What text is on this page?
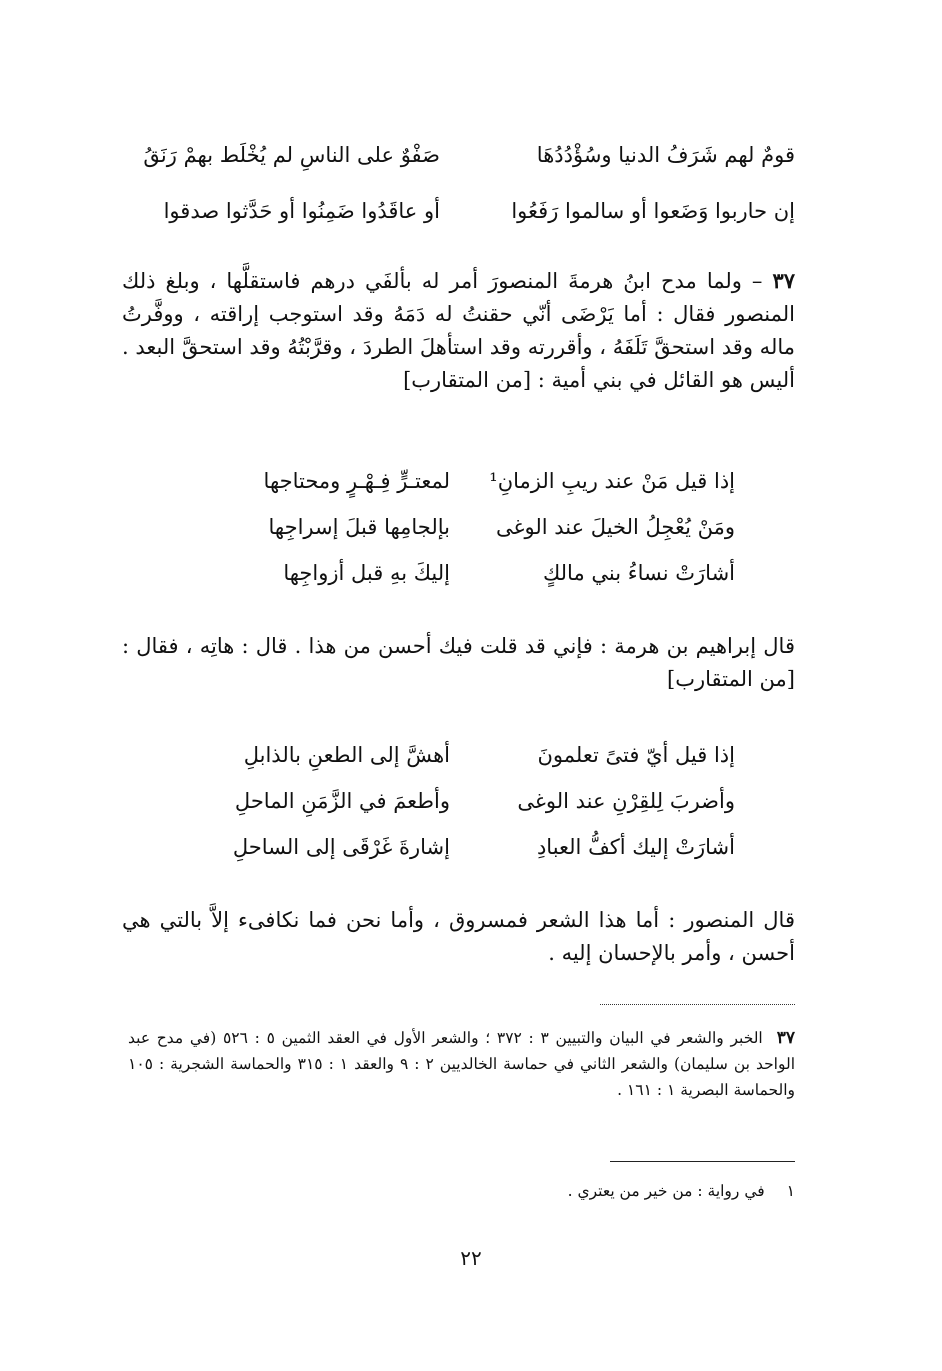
قومٌ لهم شَرَفُ الدنيا وسُؤْدُدُهَا
صَفْوٌ على الناسِ لم يُخْلَط بهمْ رَنَقُ
إن حاربوا وَضَعوا أو سالموا رَفَعُوا
أو عاقَدُوا ضَمِنُوا أو حَدَّثوا صدقوا
٣٧ – ولما مدح ابنُ هرمةَ المنصورَ أمر له بألفَي درهم فاستقلَّها ، وبلغ ذلك المنصور فقال : أما يَرْضَى أنّي حقنتُ له دَمَهُ وقد استوجب إراقته ، ووفَّرتُ ماله وقد استحقَّ تَلَفَهُ ، وأقررته وقد استأهلَ الطردَ ، وقرَّبْتُهُ وقد استحقَّ البعد . أليس هو القائل في بني أمية : [من المتقارب]
إذا قيل مَنْ عند ريبِ الزمانِ¹
لمعتـرٍّ فِـهْـرٍ ومحتاجها
ومَنْ يُعْجِلُ الخيلَ عند الوغى
بإلجامِها قبلَ إسراجِها
أشارَتْ نساءُ بني مالكٍ
إليكَ بهِ قبل أزواجِها
قال إبراهيم بن هرمة : فإني قد قلت فيك أحسن من هذا . قال : هاتِه ، فقال : [من المتقارب]
إذا قيل أيّ فتىً تعلمونَ
أهشَّ إلى الطعنِ بالذابلِ
وأضربَ لِلقِرْنِ عند الوغى
وأطعمَ في الزَّمَنِ الماحلِ
أشارَتْ إليك أكفُّ العبادِ
إشارةَ غَرْقَى إلى الساحلِ
قال المنصور : أما هذا الشعر فمسروق ، وأما نحن فما نكافىء إلاَّ بالتي هي أحسن ، وأمر بالإحسان إليه .
٣٧الخبر والشعر في البيان والتبيين ٣ : ٣٧٢ ؛ والشعر الأول في العقد الثمين ٥ : ٥٢٦ (في مدح عبد الواحد بن سليمان) والشعر الثاني في حماسة الخالديين ٢ : ٩ والعقد ١ : ٣١٥ والحماسة الشجرية : ١٠٥ والحماسة البصرية ١ : ١٦١ .
١في رواية : من خير من يعتري .
٢٢
